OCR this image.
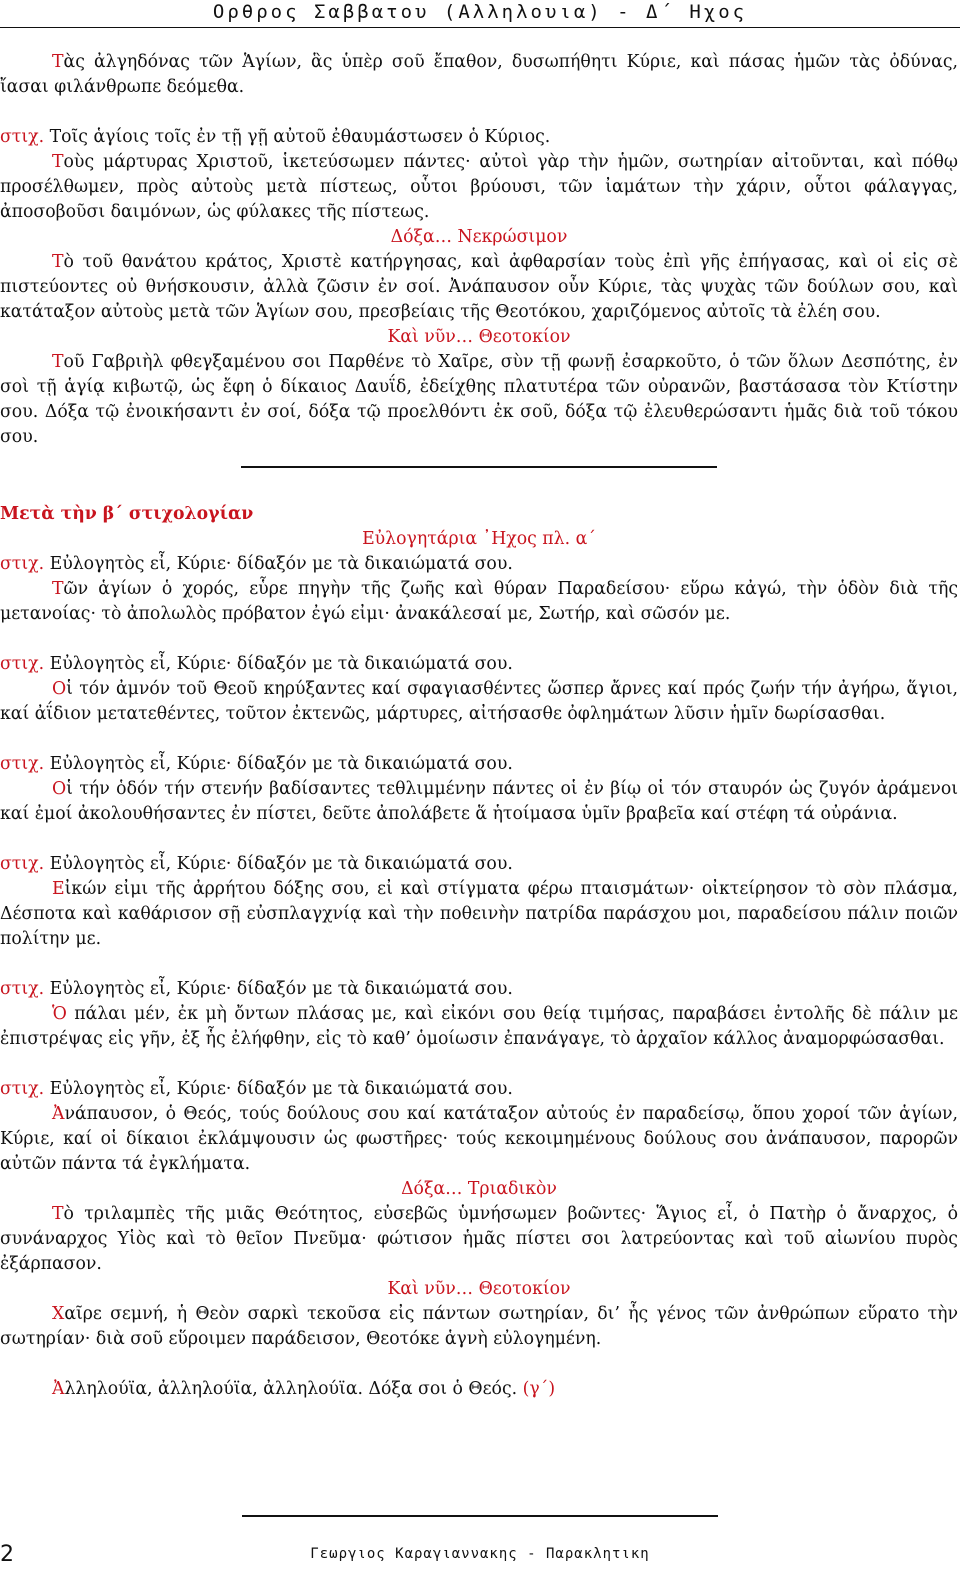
Ορθρος Σαββατου (Αλληλουια) - Δ΄ Ηχος

Τὰς ἀλγηδόνας τῶν Ἁγίων, ἃς ὑπὲρ σοῦ ἔπαθον, δυσωπήθητι Κύριε, καὶ πάσας ἡμῶν τὰς ὀδύνας, ἴασαι φιλάνθρωπε δεόμεθα.

στιχ. Τοῖς ἁγίοις τοῖς ἐν τῇ γῇ αὐτοῦ ἐθαυμάστωσεν ὁ Κύριος.

Τοὺς μάρτυρας Χριστοῦ, ἱκετεύσωμεν πάντες· αὐτοὶ γὰρ τὴν ἡμῶν, σωτηρίαν αἰτοῦνται, καὶ πόθῳ προσέλθωμεν, πρὸς αὐτοὺς μετὰ πίστεως, οὗτοι βρύουσι, τῶν ἰαμάτων τὴν χάριν, οὗτοι φάλαγγας, ἀποσοβοῦσι δαιμόνων, ὡς φύλακες τῆς πίστεως.

Δόξα… Νεκρώσιμον

Τὸ τοῦ θανάτου κράτος, Χριστὲ κατήργησας, καὶ ἀφθαρσίαν τοὺς ἐπὶ γῆς ἐπήγασας, καὶ οἱ εἰς σὲ πιστεύοντες οὐ θνήσκουσιν, ἀλλὰ ζῶσιν ἐν σοί. Ἀνάπαυσον οὖν Κύριε, τὰς ψυχὰς τῶν δούλων σου, καὶ κατάταξον αὐτοὺς μετὰ τῶν Ἁγίων σου, πρεσβείαις τῆς Θεοτόκου, χαριζόμενος αὐτοῖς τὰ ἐλέη σου.

Καὶ νῦν… Θεοτοκίον

Τοῦ Γαβριὴλ φθεγξαμένου σοι Παρθένε τὸ Χαῖρε, σὺν τῇ φωνῇ ἐσαρκοῦτο, ὁ τῶν ὅλων Δεσπότης, ἐν σοὶ τῇ ἁγίᾳ κιβωτῷ, ὡς ἔφη ὁ δίκαιος Δαυΐδ, ἐδείχθης πλατυτέρα τῶν οὐρανῶν, βαστάσασα τὸν Κτίστην σου. Δόξα τῷ ἐνοικήσαντι ἐν σοί, δόξα τῷ προελθόντι ἐκ σοῦ, δόξα τῷ ἐλευθερώσαντι ἡμᾶς διὰ τοῦ τόκου σου.

Μετὰ τὴν β΄ στιχολογίαν

Εὐλογητάρια ᾿Ηχος πλ. α΄

στιχ. Εὐλογητὸς εἶ, Κύριε· δίδαξόν με τὰ δικαιώματά σου.

Τῶν ἁγίων ὁ χορός, εὗρε πηγὴν τῆς ζωῆς καὶ θύραν Παραδείσου· εὕρω κἀγώ, τὴν ὁδὸν διὰ τῆς μετανοίας· τὸ ἀπολωλὸς πρόβατον ἐγώ εἰμι· ἀνακάλεσαί με, Σωτήρ, καὶ σῶσόν με.

στιχ. Εὐλογητὸς εἶ, Κύριε· δίδαξόν με τὰ δικαιώματά σου.

Οἱ τόν ἀμνόν τοῦ Θεοῦ κηρύξαντες καί σφαγιασθέντες ὥσπερ ἄρνες καί πρός ζωήν τήν ἀγήρω, ἅγιοι, καί ἀΐδιον μετατεθέντες, τοῦτον ἐκτενῶς, μάρτυρες, αἰτήσασθε ὀφλημάτων λῦσιν ἡμῖν δωρίσασθαι.

στιχ. Εὐλογητὸς εἶ, Κύριε· δίδαξόν με τὰ δικαιώματά σου.

Οἱ τήν ὁδόν τήν στενήν βαδίσαντες τεθλιμμένην πάντες οἱ ἐν βίῳ οἱ τόν σταυρόν ὡς ζυγόν ἀράμενοι καί ἐμοί ἀκολουθήσαντες ἐν πίστει, δεῦτε ἀπολάβετε ἅ ἡτοίμασα ὑμῖν βραβεῖα καί στέφη τά οὐράνια.

στιχ. Εὐλογητὸς εἶ, Κύριε· δίδαξόν με τὰ δικαιώματά σου.

Εἰκών εἰμι τῆς ἀρρήτου δόξης σου, εἰ καὶ στίγματα φέρω πταισμάτων· οἰκτείρησον τὸ σὸν πλάσμα, Δέσποτα καὶ καθάρισον σῇ εὐσπλαγχνίᾳ καὶ τὴν ποθεινὴν πατρίδα παράσχου μοι, παραδείσου πάλιν ποιῶν πολίτην με.

στιχ. Εὐλογητὸς εἶ, Κύριε· δίδαξόν με τὰ δικαιώματά σου.

Ὁ πάλαι μέν, ἐκ μὴ ὄντων πλάσας με, καὶ εἰκόνι σου θείᾳ τιμήσας, παραβάσει ἐντολῆς δὲ πάλιν με ἐπιστρέψας εἰς γῆν, ἐξ ἧς ἐλήφθην, εἰς τὸ καθ’ ὁμοίωσιν ἐπανάγαγε, τὸ ἀρχαῖον κάλλος ἀναμορφώσασθαι.

στιχ. Εὐλογητὸς εἶ, Κύριε· δίδαξόν με τὰ δικαιώματά σου.

Ἀνάπαυσον, ὁ Θεός, τούς δούλους σου καί κατάταξον αὐτούς ἐν παραδείσῳ, ὅπου χοροί τῶν ἁγίων, Κύριε, καί οἱ δίκαιοι ἐκλάμψουσιν ὡς φωστῆρες· τούς κεκοιμημένους δούλους σου ἀνάπαυσον, παρορῶν αὐτῶν πάντα τά ἐγκλήματα.

Δόξα… Τριαδικὸν

Τὸ τριλαμπὲς τῆς μιᾶς Θεότητος, εὐσεβῶς ὑμνήσωμεν βοῶντες· Ἅγιος εἶ, ὁ Πατὴρ ὁ ἄναρχος, ὁ συνάναρχος Υἱὸς καὶ τὸ θεῖον Πνεῦμα· φώτισον ἡμᾶς πίστει σοι λατρεύοντας καὶ τοῦ αἰωνίου πυρὸς ἐξάρπασον.

Καὶ νῦν… Θεοτοκίον

Χαῖρε σεμνή, ἡ Θεὸν σαρκὶ τεκοῦσα εἰς πάντων σωτηρίαν, δι’ ἧς γένος τῶν ἀνθρώπων εὕρατο τὴν σωτηρίαν· διὰ σοῦ εὕροιμεν παράδεισον, Θεοτόκε ἁγνὴ εὐλογημένη.

Ἀλληλούϊα, ἀλληλούϊα, ἀλληλούϊα. Δόξα σοι ὁ Θεός. (γ΄)

2	Γεωργιος Καραγιαννακης - Παρακλητικη
